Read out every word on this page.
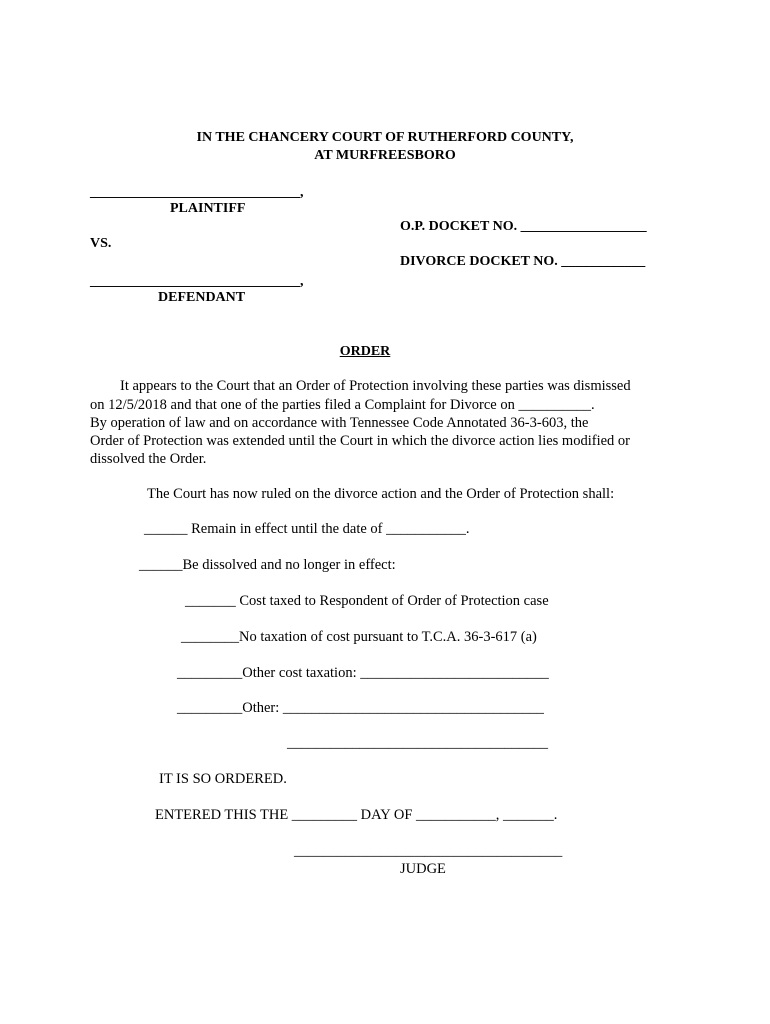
IN THE CHANCERY COURT OF RUTHERFORD COUNTY,
AT MURFREESBORO
______________________________,
PLAINTIFF
VS.
______________________________,
DEFENDANT
O.P. DOCKET NO. __________________
DIVORCE DOCKET NO. ____________
ORDER
It appears to the Court that an Order of Protection involving these parties was dismissed
on 12/5/2018 and that one of the parties filed a Complaint for Divorce on __________.
By operation of law and on accordance with Tennessee Code Annotated 36-3-603, the
Order of Protection was extended until the Court in which the divorce action lies modified or
dissolved the Order.
The Court has now ruled on the divorce action and the Order of Protection shall:
______ Remain in effect until the date of ___________.
______Be dissolved and no longer in effect:
_______ Cost taxed to Respondent of Order of Protection case
________No taxation of cost pursuant to T.C.A. 36-3-617 (a)
_________Other cost taxation: __________________________
_________Other: ____________________________________
____________________________________
IT IS SO ORDERED.
ENTERED THIS THE _________ DAY OF ___________, _______.
_____________________________________
JUDGE
